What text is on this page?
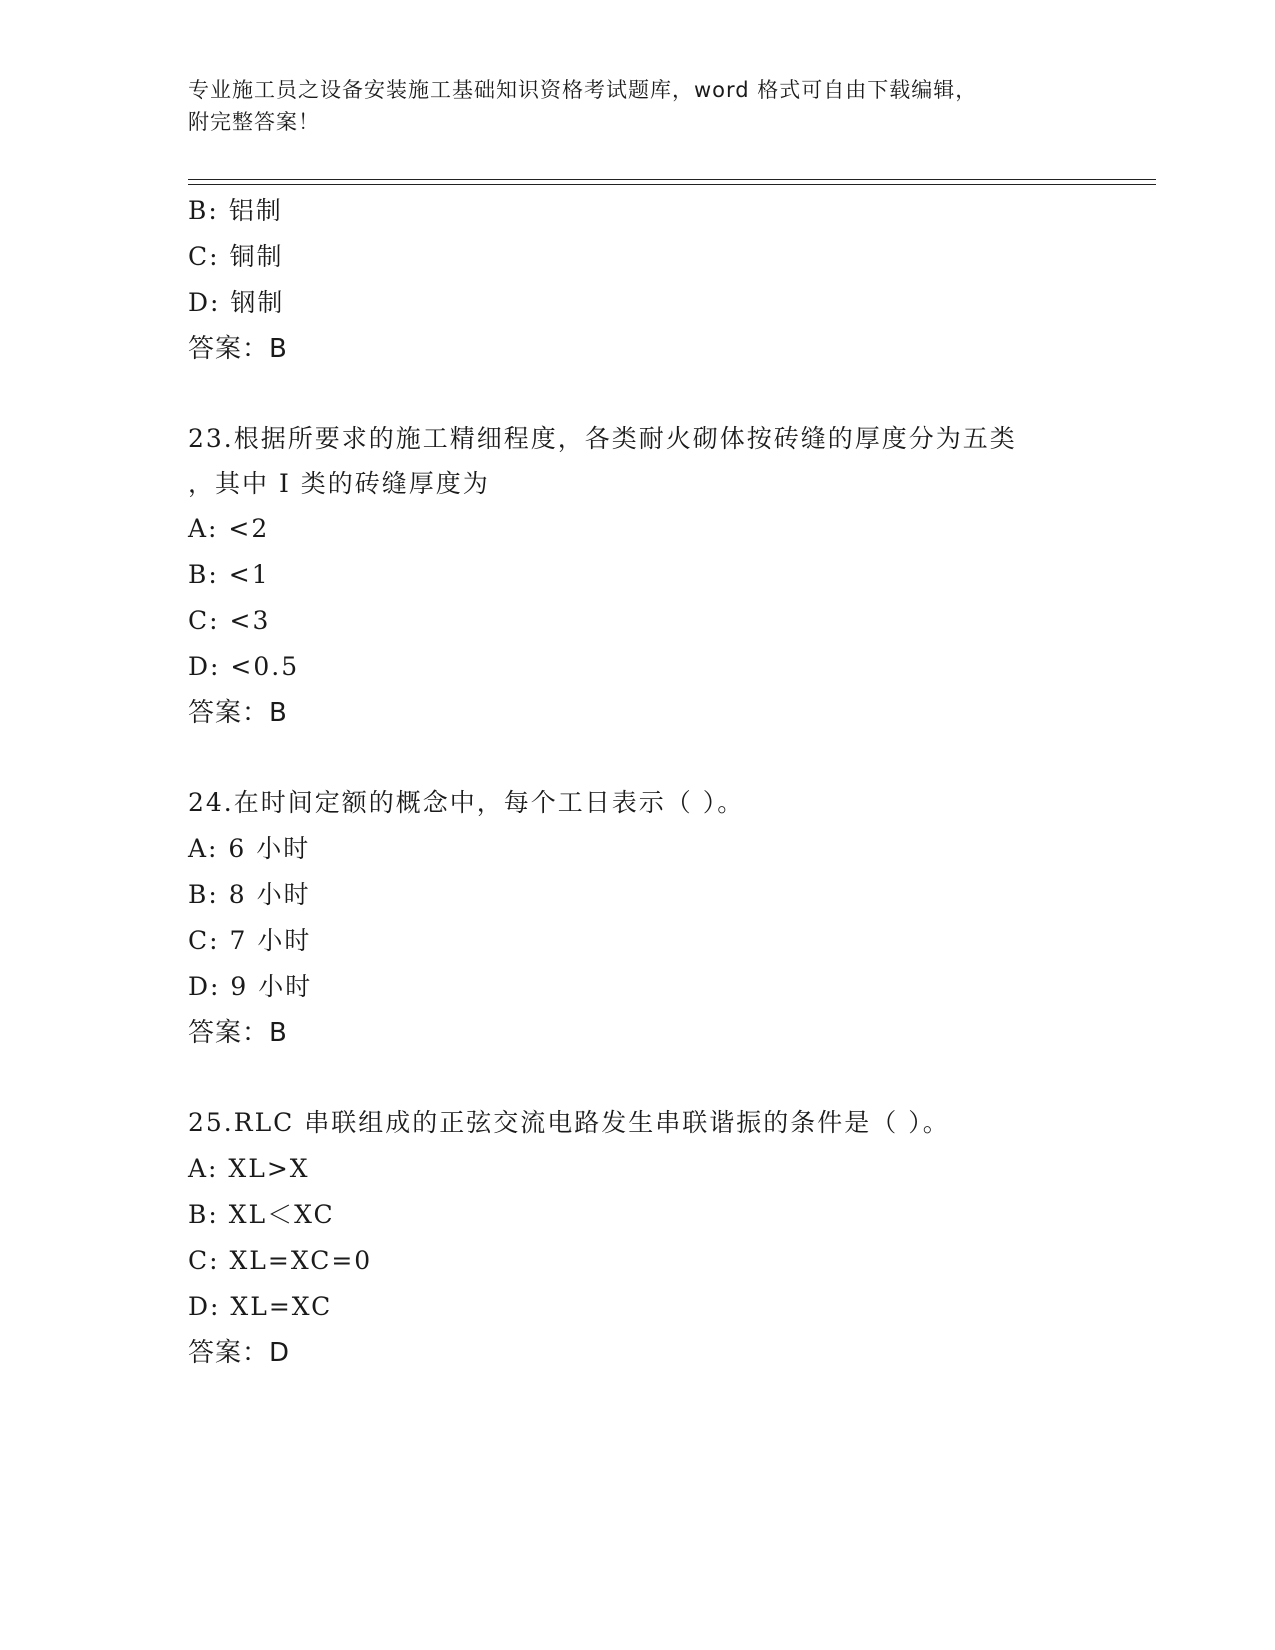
专业施工员之设备安装施工基础知识资格考试题库，word 格式可自由下载编辑，
附完整答案！
B: 铝制
C: 铜制
D: 钢制
答案：B
23.根据所要求的施工精细程度，各类耐火砌体按砖缝的厚度分为五类
，其中 I 类的砖缝厚度为
A: <2
B: <1
C: <3
D: <0.5
答案：B
24.在时间定额的概念中，每个工日表示（ ）。
A: 6 小时
B: 8 小时
C: 7 小时
D: 9 小时
答案：B
25.RLC 串联组成的正弦交流电路发生串联谐振的条件是（ ）。
A: XL>X
B: XL＜XC
C: XL=XC=0
D: XL=XC
答案：D
